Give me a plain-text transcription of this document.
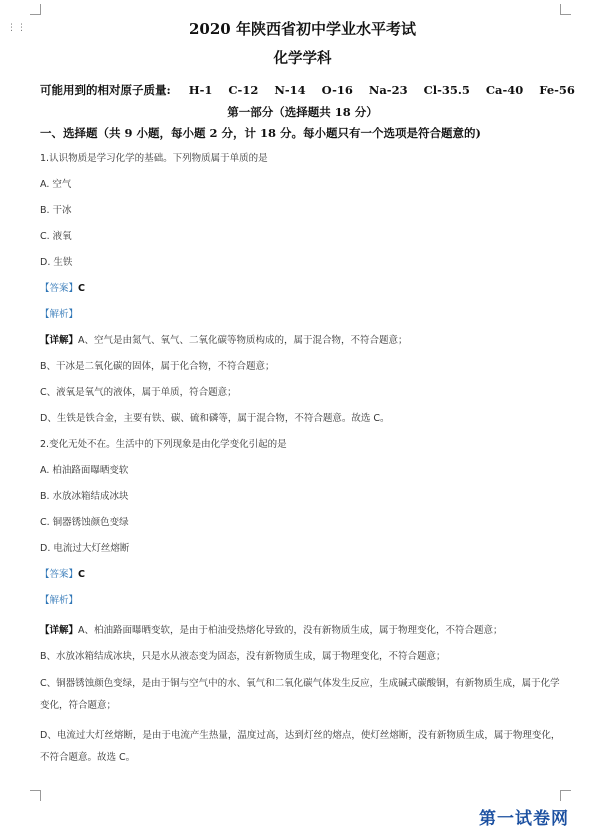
⋮⋮	2020 年陕西省初中学业水平考试
化学学科
可能用到的相对原子质量: H-1 C-12 N-14 O-16 Na-23 Cl-35.5 Ca-40 Fe-56
第一部分（选择题共 18 分）
一、选择题（共 9 小题，每小题 2 分，计 18 分。每小题只有一个选项是符合题意的)
1.认识物质是学习化学的基础。下列物质属于单质的是
A. 空气
B. 干冰
C. 液氧
D. 生铁
【答案】C
【解析】
【详解】A、空气是由氮气、氧气、二氧化碳等物质构成的，属于混合物，不符合题意；
B、干冰是二氧化碳的固体，属于化合物，不符合题意；
C、液氧是氧气的液体，属于单质，符合题意；
D、生铁是铁合金，主要有铁、碳、硫和磷等，属于混合物，不符合题意。故选 C。
2.变化无处不在。生活中的下列现象是由化学变化引起的是
A. 柏油路面曝晒变软
B. 水放冰箱结成冰块
C. 铜器锈蚀颜色变绿
D. 电流过大灯丝熔断
【答案】C
【解析】
【详解】A、柏油路面曝晒变软，是由于柏油受热熔化导致的，没有新物质生成，属于物理变化，不符合题意；
B、水放冰箱结成冰块，只是水从液态变为固态，没有新物质生成，属于物理变化，不符合题意；
C、铜器锈蚀颜色变绿，是由于铜与空气中的水、氧气和二氧化碳气体发生反应，生成碱式碳酸铜，有新物质生成，属于化学变化，符合题意；
D、电流过大灯丝熔断，是由于电流产生热量，温度过高，达到灯丝的熔点，使灯丝熔断，没有新物质生成，属于物理变化，不符合题意。故选 C。
第一试卷网
